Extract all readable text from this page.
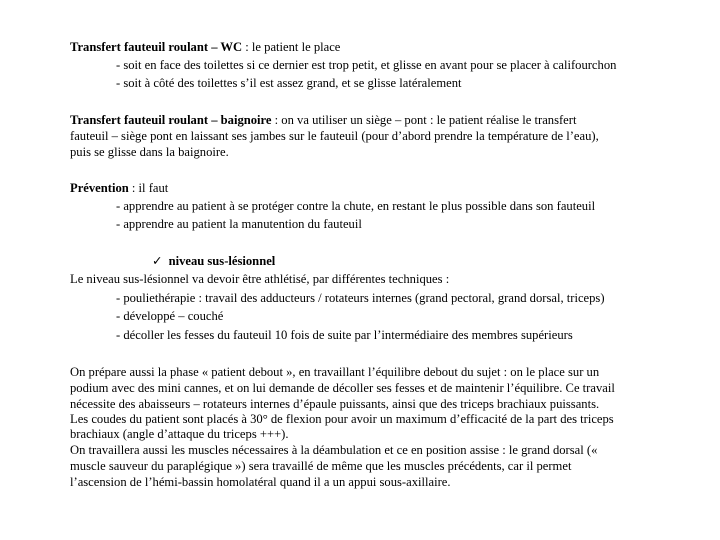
Transfert fauteuil roulant – WC : le patient le place
- soit en face des toilettes si ce dernier est trop petit, et glisse en avant pour se placer à califourchon
- soit à côté des toilettes s’il est assez grand, et se glisse latéralement
Transfert fauteuil roulant – baignoire : on va utiliser un siège – pont : le patient réalise le transfert
fauteuil – siège pont en laissant ses jambes sur le fauteuil (pour d’abord prendre la température de l’eau),
puis se glisse dans la baignoire.
Prévention : il faut
- apprendre au patient à se protéger contre la chute, en restant le plus possible dans son fauteuil
- apprendre au patient la manutention du fauteuil
✓ niveau sus-lésionnel
Le niveau sus-lésionnel va devoir être athlétisé, par différentes techniques :
- pouliethérapie : travail des adducteurs / rotateurs internes (grand pectoral, grand dorsal, triceps)
- développé – couché
- décoller les fesses du fauteuil 10 fois de suite par l’intermédiaire des membres supérieurs
On prépare aussi la phase « patient debout », en travaillant l’équilibre debout du sujet : on le place sur un
podium avec des mini cannes, et on lui demande de décoller ses fesses et de maintenir l’équilibre. Ce travail
nécessite des abaisseurs – rotateurs internes d’épaule puissants, ainsi que des triceps brachiaux puissants.
Les coudes du patient sont placés à 30° de flexion pour avoir un maximum d’efficacité de la part des triceps
brachiaux (angle d’attaque du triceps +++).
On travaillera aussi les muscles nécessaires à la déambulation et ce en position assise : le grand dorsal («
muscle sauveur du paraplégique ») sera travaillé de même que les muscles précédents, car il permet
l’ascension de l’hémi-bassin homolatéral quand il a un appui sous-axillaire.
